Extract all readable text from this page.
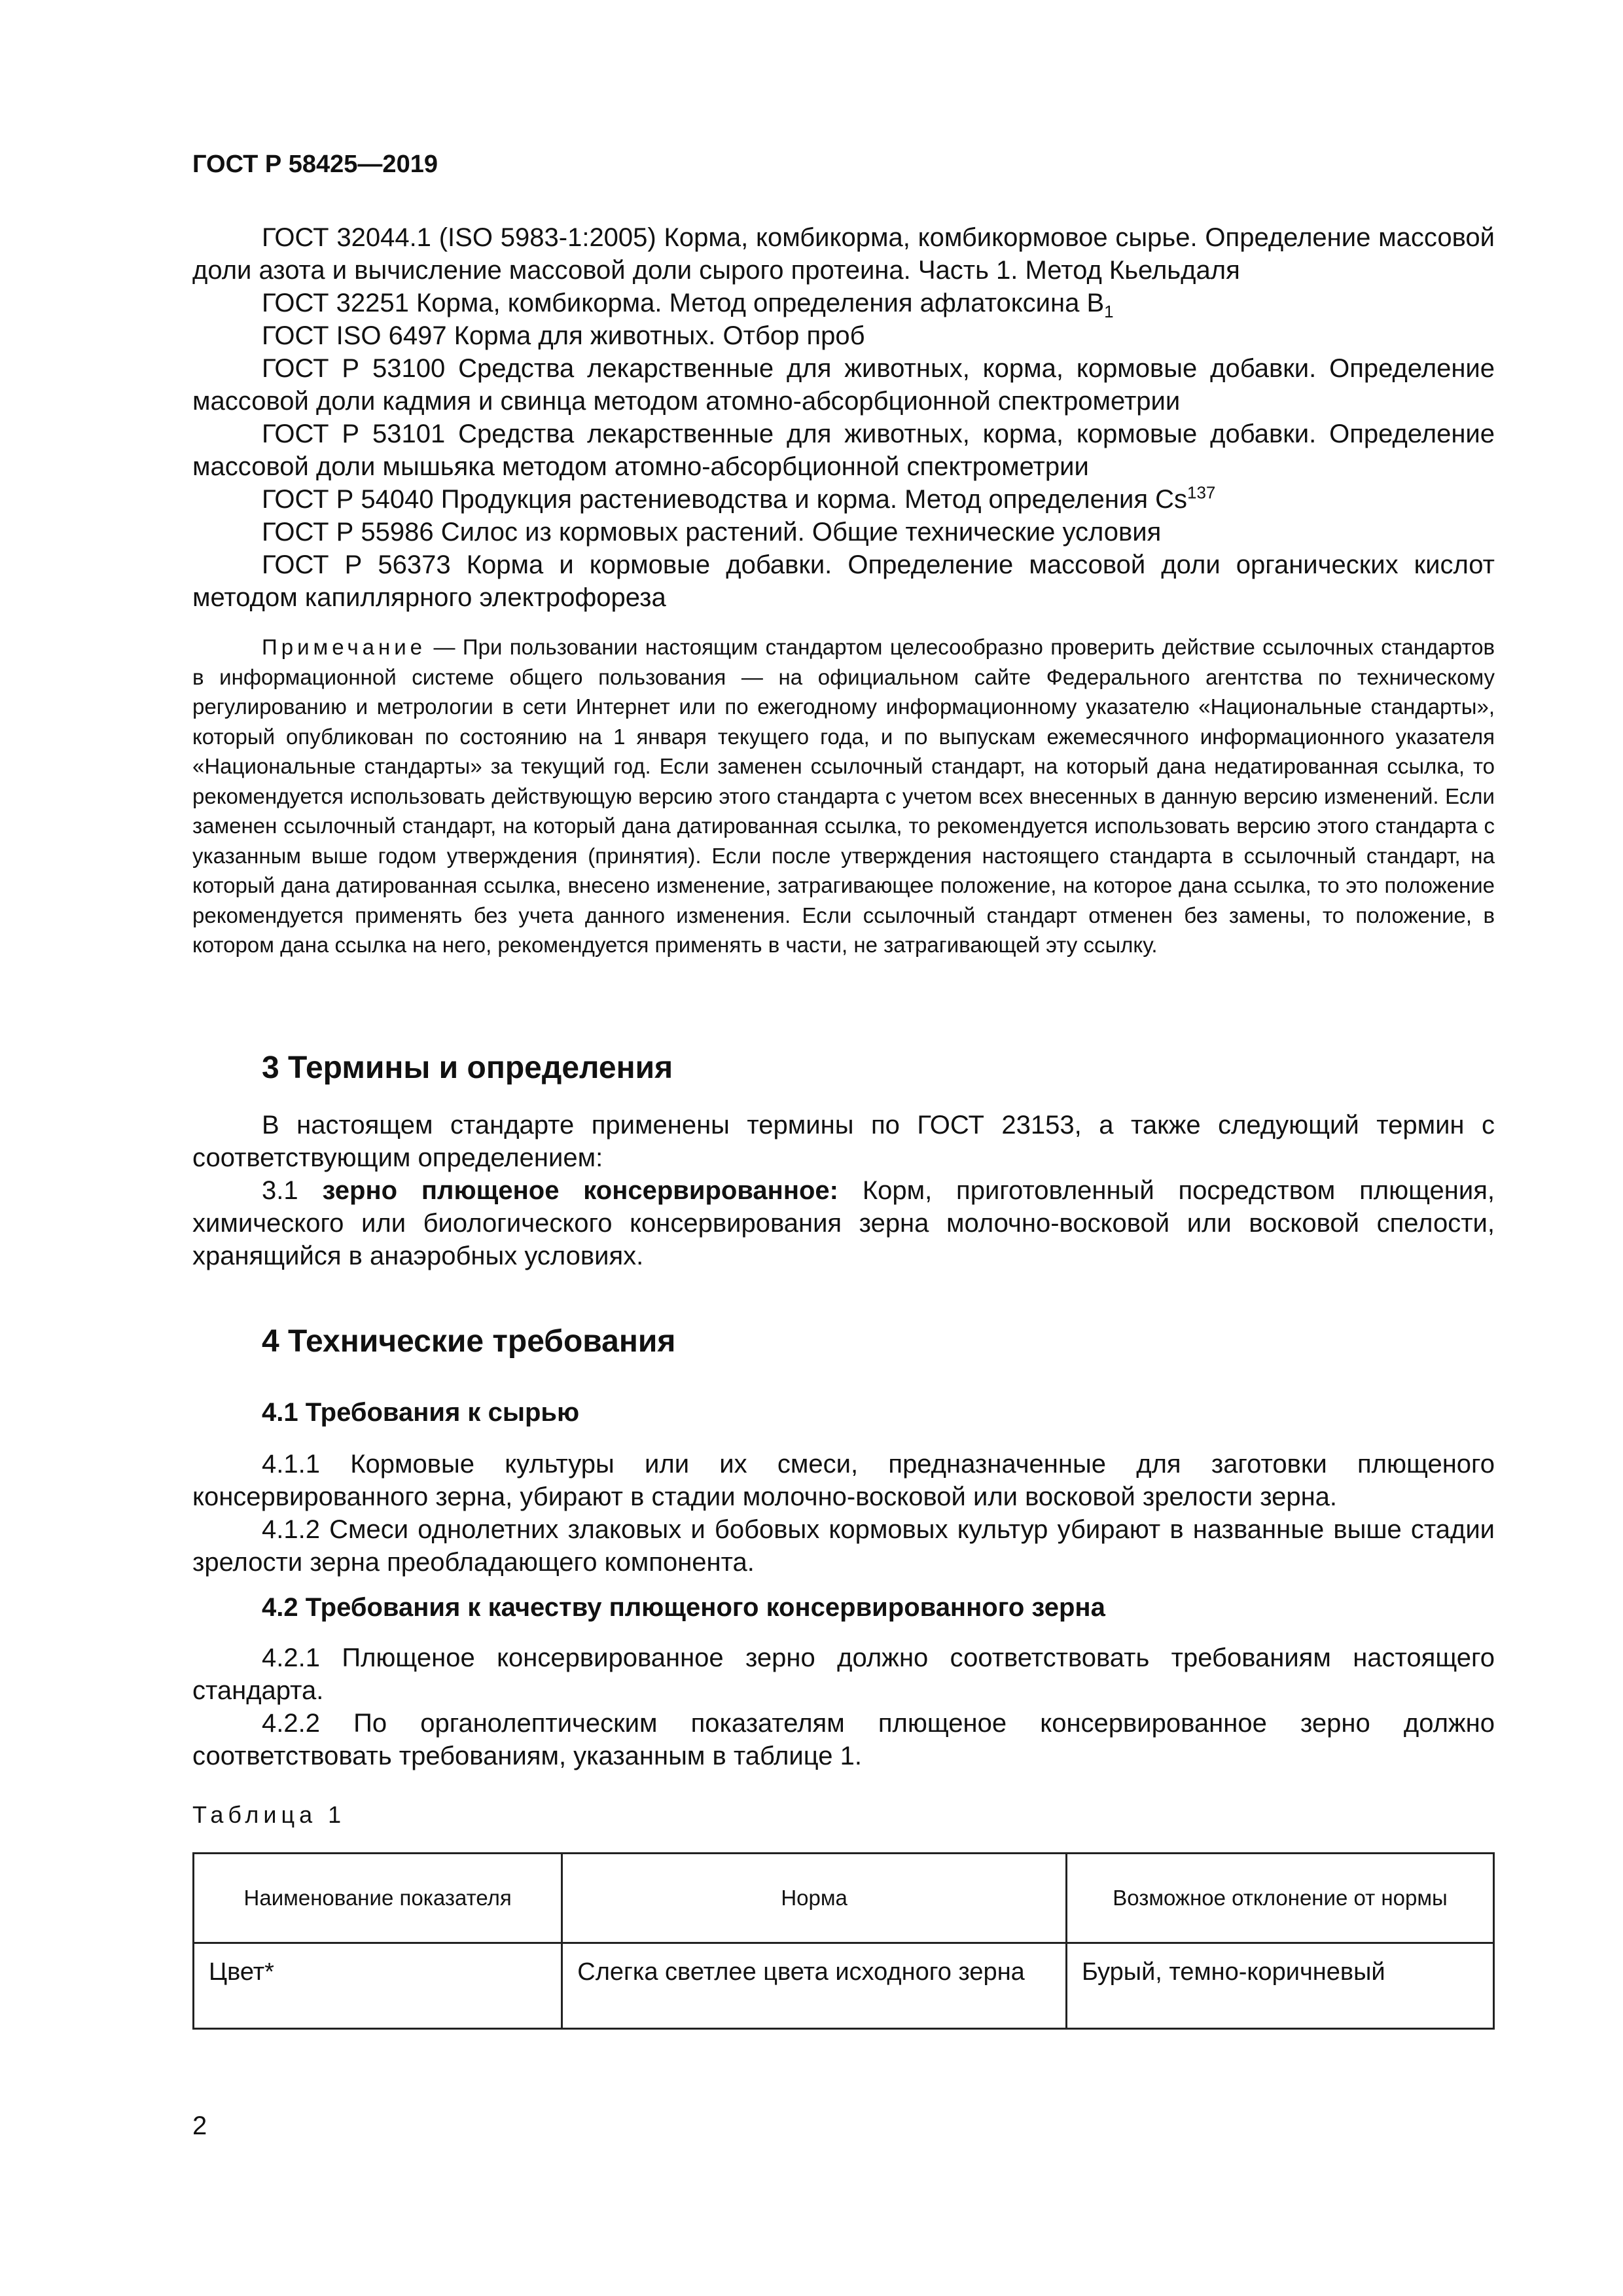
ГОСТ Р 58425—2019

ГОСТ 32044.1 (ISO 5983-1:2005) Корма, комбикорма, комбикормовое сырье. Определение массовой доли азота и вычисление массовой доли сырого протеина. Часть 1. Метод Кьельдаля

ГОСТ 32251 Корма, комбикорма. Метод определения афлатоксина $B_1$

ГОСТ ISO 6497 Корма для животных. Отбор проб

ГОСТ Р 53100 Средства лекарственные для животных, корма, кормовые добавки. Определение массовой доли кадмия и свинца методом атомно-абсорбционной спектрометрии

ГОСТ Р 53101 Средства лекарственные для животных, корма, кормовые добавки. Определение массовой доли мышьяка методом атомно-абсорбционной спектрометрии

ГОСТ Р 54040 Продукция растениеводства и корма. Метод определения Cs$^{137}$

ГОСТ Р 55986 Силос из кормовых растений. Общие технические условия

ГОСТ Р 56373 Корма и кормовые добавки. Определение массовой доли органических кислот методом капиллярного электрофореза

Примечание — При пользовании настоящим стандартом целесообразно проверить действие ссылочных стандартов в информационной системе общего пользования — на официальном сайте Федерального агентства по техническому регулированию и метрологии в сети Интернет или по ежегодному информационному указателю «Национальные стандарты», который опубликован по состоянию на 1 января текущего года, и по выпускам ежемесячного информационного указателя «Национальные стандарты» за текущий год. Если заменен ссылочный стандарт, на который дана недатированная ссылка, то рекомендуется использовать действующую версию этого стандарта с учетом всех внесенных в данную версию изменений. Если заменен ссылочный стандарт, на который дана датированная ссылка, то рекомендуется использовать версию этого стандарта с указанным выше годом утверждения (принятия). Если после утверждения настоящего стандарта в ссылочный стандарт, на который дана датированная ссылка, внесено изменение, затрагивающее положение, на которое дана ссылка, то это положение рекомендуется применять без учета данного изменения. Если ссылочный стандарт отменен без замены, то положение, в котором дана ссылка на него, рекомендуется применять в части, не затрагивающей эту ссылку.

3 Термины и определения

В настоящем стандарте применены термины по ГОСТ 23153, а также следующий термин с соответствующим определением:

3.1 зерно плющеное консервированное: Корм, приготовленный посредством плющения, химического или биологического консервирования зерна молочно-восковой или восковой спелости, хранящийся в анаэробных условиях.

4 Технические требования
4.1 Требования к сырью

4.1.1 Кормовые культуры или их смеси, предназначенные для заготовки плющеного консервированного зерна, убирают в стадии молочно-восковой или восковой зрелости зерна.

4.1.2 Смеси однолетних злаковых и бобовых кормовых культур убирают в названные выше стадии зрелости зерна преобладающего компонента.

4.2 Требования к качеству плющеного консервированного зерна

4.2.1 Плющеное консервированное зерно должно соответствовать требованиям настоящего стандарта.

4.2.2 По органолептическим показателям плющеное консервированное зерно должно соответствовать требованиям, указанным в таблице 1.

Таблица 1
Наименование показателя	Норма	Возможное отклонение от нормы
Цвет*	Слегка светлее цвета исходного зерна	Бурый, темно-коричневый
2
